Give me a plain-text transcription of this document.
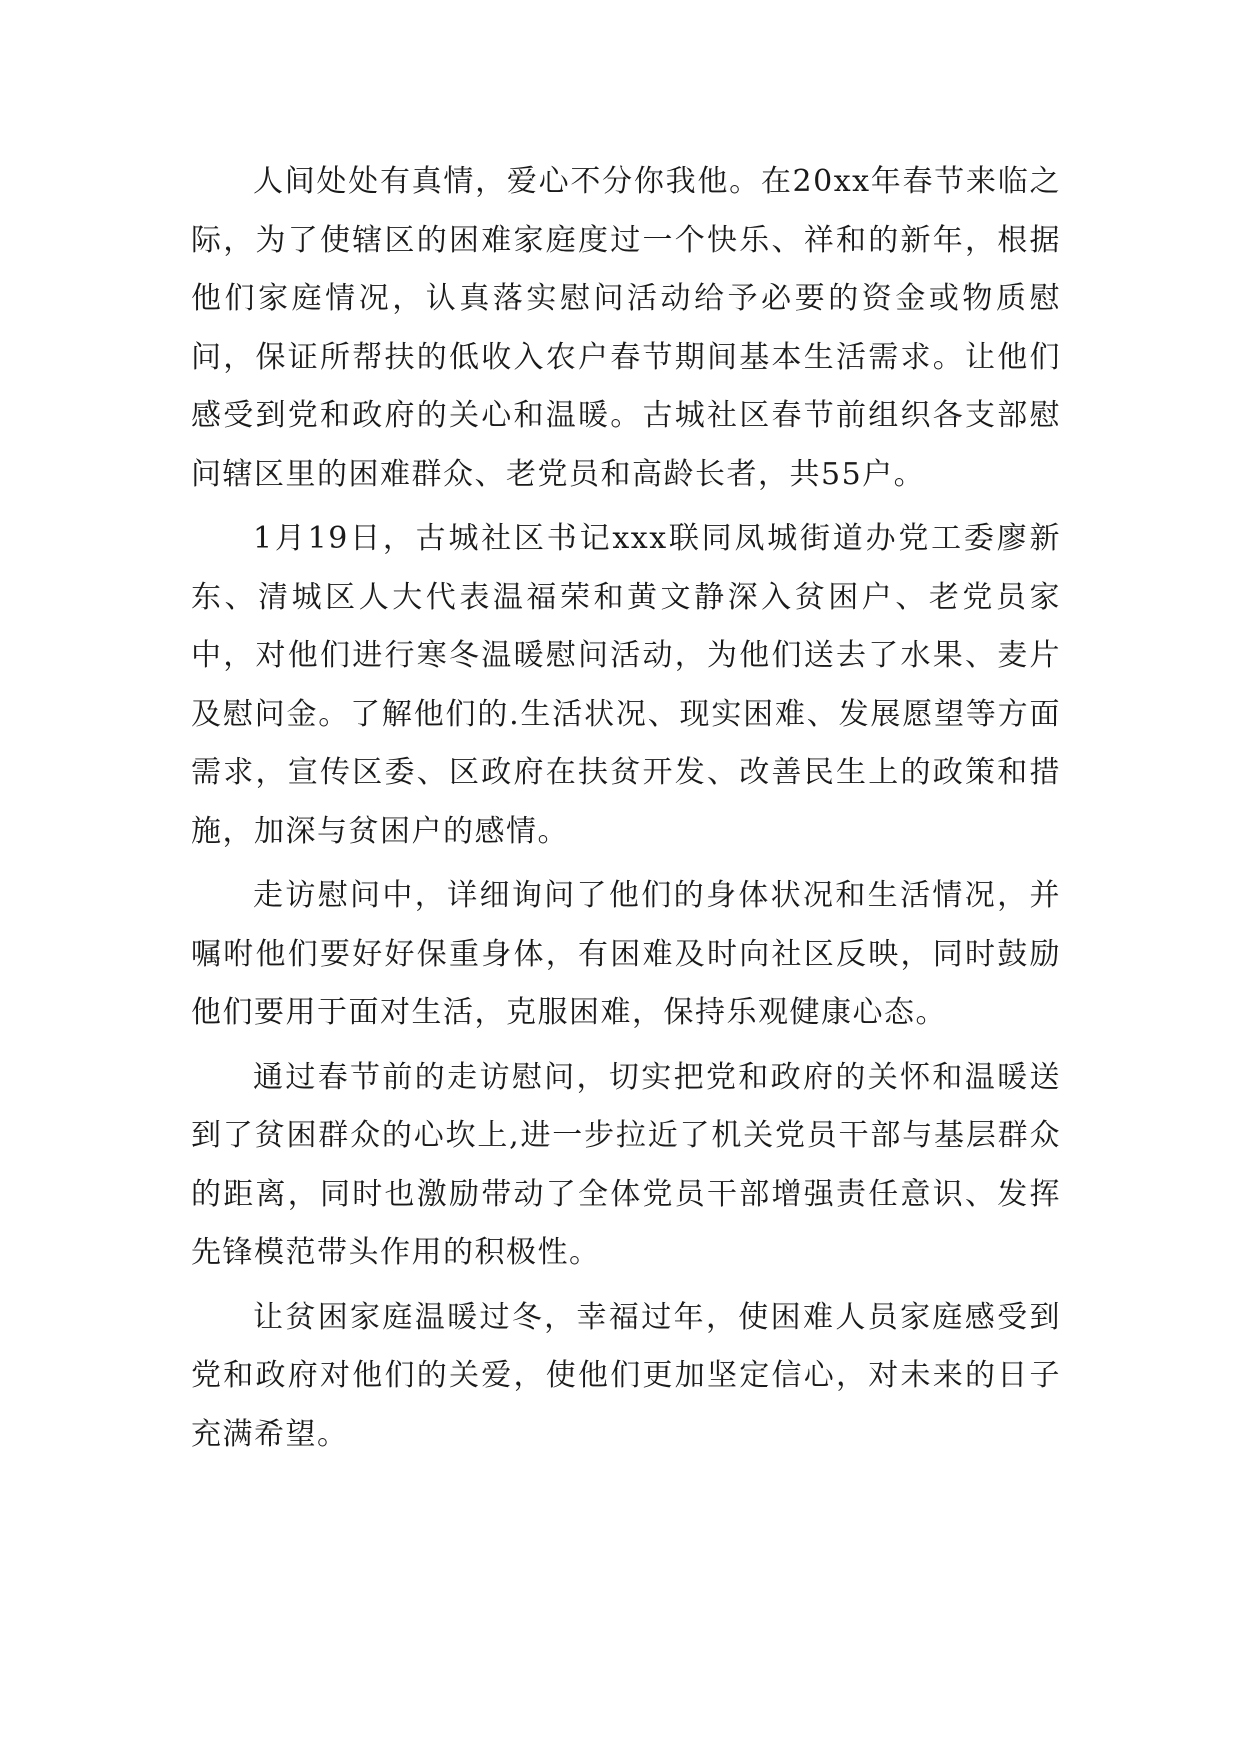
人间处处有真情，爱心不分你我他。在20xx年春节来临之际，为了使辖区的困难家庭度过一个快乐、祥和的新年，根据他们家庭情况，认真落实慰问活动给予必要的资金或物质慰问，保证所帮扶的低收入农户春节期间基本生活需求。让他们感受到党和政府的关心和温暖。古城社区春节前组织各支部慰问辖区里的困难群众、老党员和高龄长者，共55户。

1月19日，古城社区书记xxx联同凤城街道办党工委廖新东、清城区人大代表温福荣和黄文静深入贫困户、老党员家中，对他们进行寒冬温暖慰问活动，为他们送去了水果、麦片及慰问金。了解他们的.生活状况、现实困难、发展愿望等方面需求，宣传区委、区政府在扶贫开发、改善民生上的政策和措施，加深与贫困户的感情。

走访慰问中，详细询问了他们的身体状况和生活情况，并嘱咐他们要好好保重身体，有困难及时向社区反映，同时鼓励他们要用于面对生活，克服困难，保持乐观健康心态。

通过春节前的走访慰问，切实把党和政府的关怀和温暖送到了贫困群众的心坎上,进一步拉近了机关党员干部与基层群众的距离，同时也激励带动了全体党员干部增强责任意识、发挥先锋模范带头作用的积极性。

让贫困家庭温暖过冬，幸福过年，使困难人员家庭感受到党和政府对他们的关爱，使他们更加坚定信心，对未来的日子充满希望。
